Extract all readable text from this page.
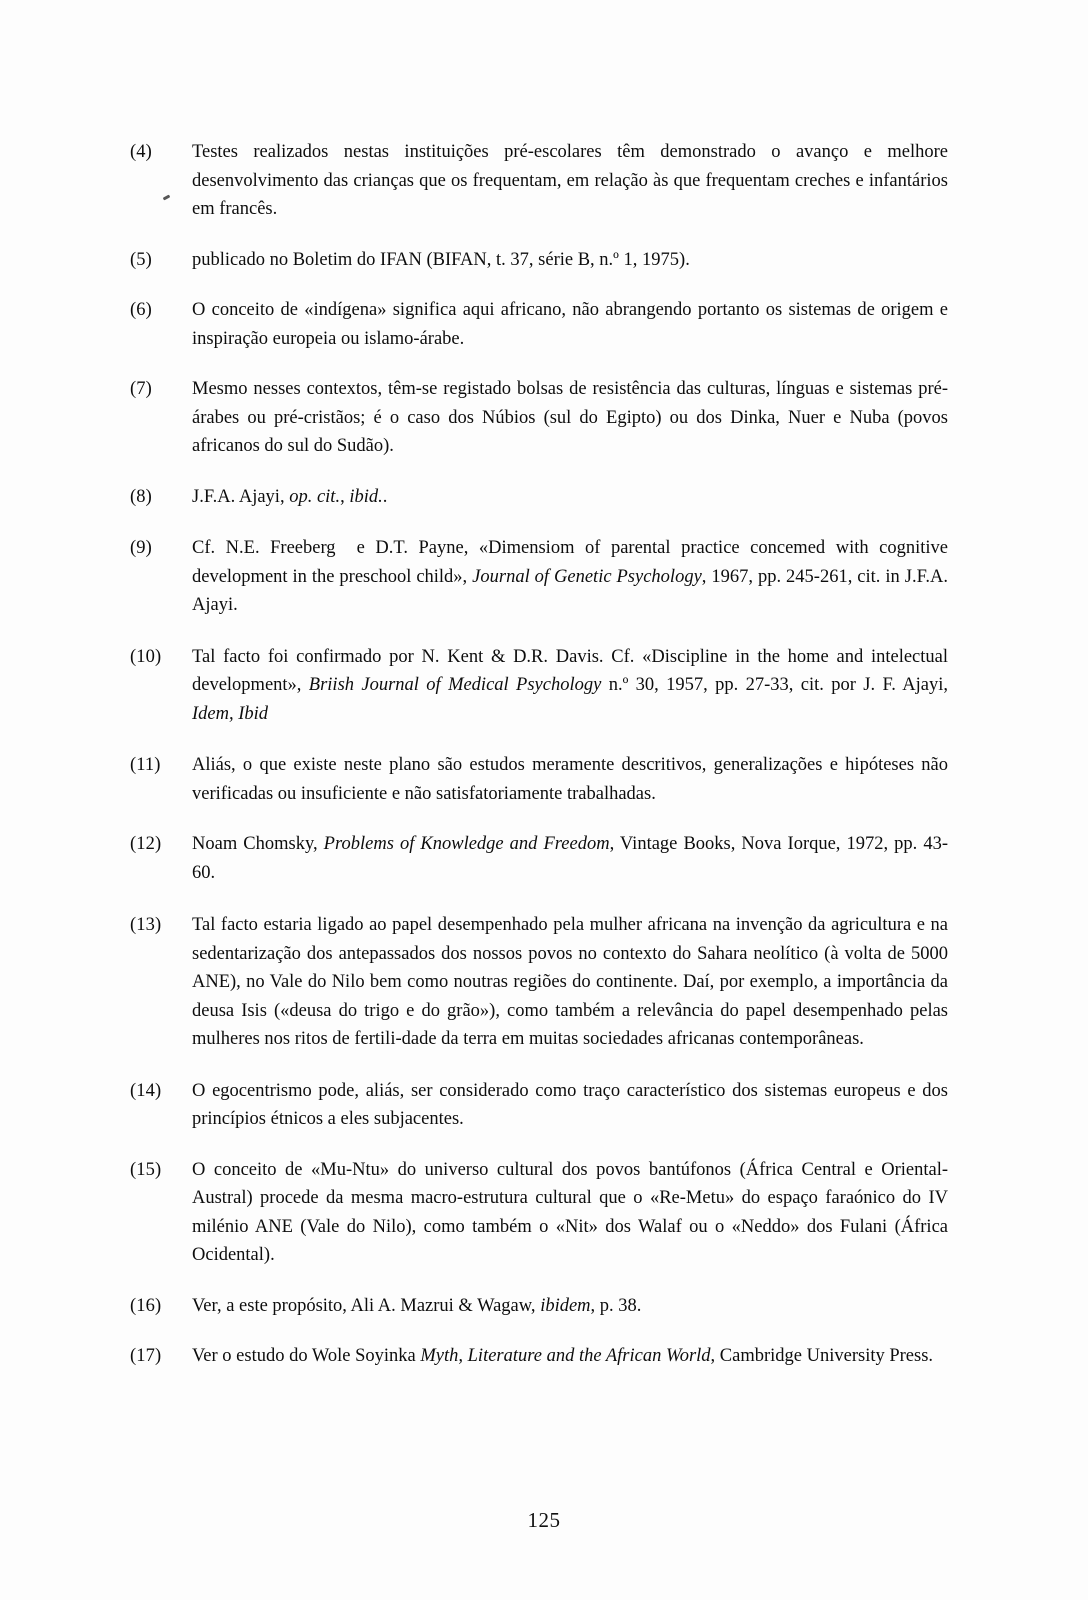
(4)	Testes realizados nestas instituições pré-escolares têm demonstrado o avanço e melhore desenvolvimento das crianças que os frequentam, em relação às que frequentam creches e infantários em francês.
(5)	publicado no Boletim do IFAN (BIFAN, t. 37, série B, n.º 1, 1975).
(6)	O conceito de «indígena» significa aqui africano, não abrangendo portanto os sistemas de origem e inspiração europeia ou islamo-árabe.
(7)	Mesmo nesses contextos, têm-se registado bolsas de resistência das culturas, línguas e sistemas pré-árabes ou pré-cristãos; é o caso dos Núbios (sul do Egipto) ou dos Dinka, Nuer e Nuba (povos africanos do sul do Sudão).
(8)	J.F.A. Ajayi, op. cit., ibid..
(9)	Cf. N.E. Freeberg  e D.T. Payne, «Dimensiom of parental practice concemed with cognitive development in the preschool child», Journal of Genetic Psychology, 1967, pp. 245-261, cit. in J.F.A. Ajayi.
(10)	Tal facto foi confirmado por N. Kent & D.R. Davis. Cf. «Discipline in the home and intelectual development», Briish Journal of Medical Psychology n.º 30, 1957, pp. 27-33, cit. por J. F. Ajayi, Idem, Ibid
(11)	Aliás, o que existe neste plano são estudos meramente descritivos, generalizações e hipóteses não verificadas ou insuficiente e não satisfatoriamente trabalhadas.
(12)	Noam Chomsky, Problems of Knowledge and Freedom, Vintage Books, Nova Iorque, 1972, pp. 43-60.
(13)	Tal facto estaria ligado ao papel desempenhado pela mulher africana na invenção da agricultura e na sedentarização dos antepassados dos nossos povos no contexto do Sahara neolítico (à volta de 5000 ANE), no Vale do Nilo bem como noutras regiões do continente. Daí, por exemplo, a importância da deusa Isis («deusa do trigo e do grão»), como também a relevância do papel desempenhado pelas mulheres nos ritos de fertili-dade da terra em muitas sociedades africanas contemporâneas.
(14)	O egocentrismo pode, aliás, ser considerado como traço característico dos sistemas europeus e dos princípios étnicos a eles subjacentes.
(15)	O conceito de «Mu-Ntu» do universo cultural dos povos bantúfonos (África Central e Oriental-Austral) procede da mesma macro-estrutura cultural que o «Re-Metu» do espaço faraónico do IV milénio ANE (Vale do Nilo), como também o «Nit» dos Walaf ou o «Neddo» dos Fulani (África Ocidental).
(16)	Ver, a este propósito, Ali A. Mazrui & Wagaw, ibidem, p. 38.
(17)	Ver o estudo do Wole Soyinka Myth, Literature and the African World, Cambridge University Press.
125
